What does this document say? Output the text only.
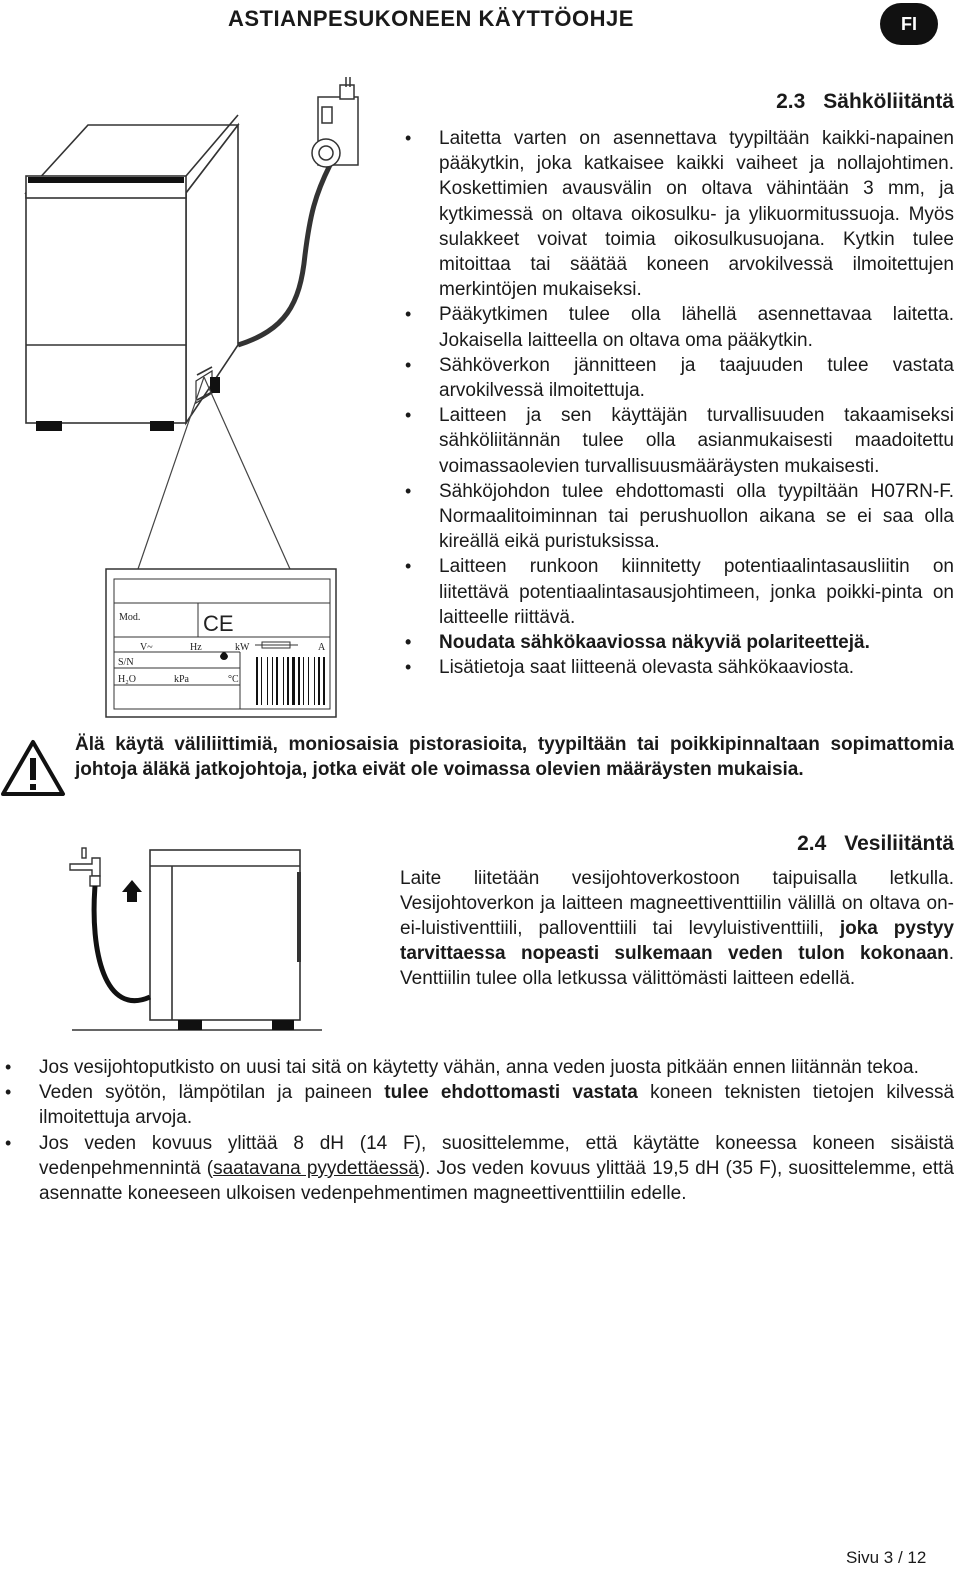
ASTIANPESUKONEEN KÄYTTÖOHJE	FI
Mod.	CE
V~	Hz	kW	A
S/N
H₂O	kPa	°C
2.3 Sähköliitäntä
• Laitetta varten on asennettava tyypiltään kaikki-napainen pääkytkin, joka katkaisee kaikki vaiheet ja nollajohtimen. Koskettimien avausvälin on oltava vähintään 3 mm, ja kytkimessä on oltava oikosulku- ja ylikuormitussuoja. Myös sulakkeet voivat toimia oikosulkusuojana. Kytkin tulee mitoittaa tai säätää koneen arvokilvessä ilmoitettujen merkintöjen mukaiseksi.
• Pääkytkimen tulee olla lähellä asennettavaa laitetta. Jokaisella laitteella on oltava oma pääkytkin.
• Sähköverkon jännitteen ja taajuuden tulee vastata arvokilvessä ilmoitettuja.
• Laitteen ja sen käyttäjän turvallisuuden takaamiseksi sähköliitännän tulee olla asianmukaisesti maadoitettu voimassaolevien turvallisuusmääräysten mukaisesti.
• Sähköjohdon tulee ehdottomasti olla tyypiltään H07RN-F. Normaalitoiminnan tai perushuollon aikana se ei saa olla kireällä eikä puristuksissa.
• Laitteen runkoon kiinnitetty potentiaalintasausliitin on liitettävä potentiaalintasausjohtimeen, jonka poikki-pinta on laitteelle riittävä.
• Noudata sähkökaaviossa näkyviä polariteettejä.
• Lisätietoja saat liitteenä olevasta sähkökaaviosta.
Älä käytä väliliittimiä, moniosaisia pistorasioita, tyypiltään tai poikkipinnaltaan sopimattomia johtoja äläkä jatkojohtoja, jotka eivät ole voimassa olevien määräysten mukaisia.
2.4 Vesiliitäntä
Laite liitetään vesijohtoverkostoon taipuisalla letkulla. Vesijohtoverkon ja laitteen magneettiventtiilin välillä on oltava on-ei-luistiventtiili, palloventtiili tai levyluistiventtiili, joka pystyy tarvittaessa nopeasti sulkemaan veden tulon kokonaan. Venttiilin tulee olla letkussa välittömästi laitteen edellä.
• Jos vesijohtoputkisto on uusi tai sitä on käytetty vähän, anna veden juosta pitkään ennen liitännän tekoa.
• Veden syötön, lämpötilan ja paineen tulee ehdottomasti vastata koneen teknisten tietojen kilvessä ilmoitettuja arvoja.
• Jos veden kovuus ylittää 8 dH (14 F), suosittelemme, että käytätte koneessa koneen sisäistä vedenpehmennintä (saatavana pyydettäessä). Jos veden kovuus ylittää 19,5 dH (35 F), suosittelemme, että asennatte koneeseen ulkoisen vedenpehmentimen magneettiventtiilin edelle.
Sivu 3 / 12
